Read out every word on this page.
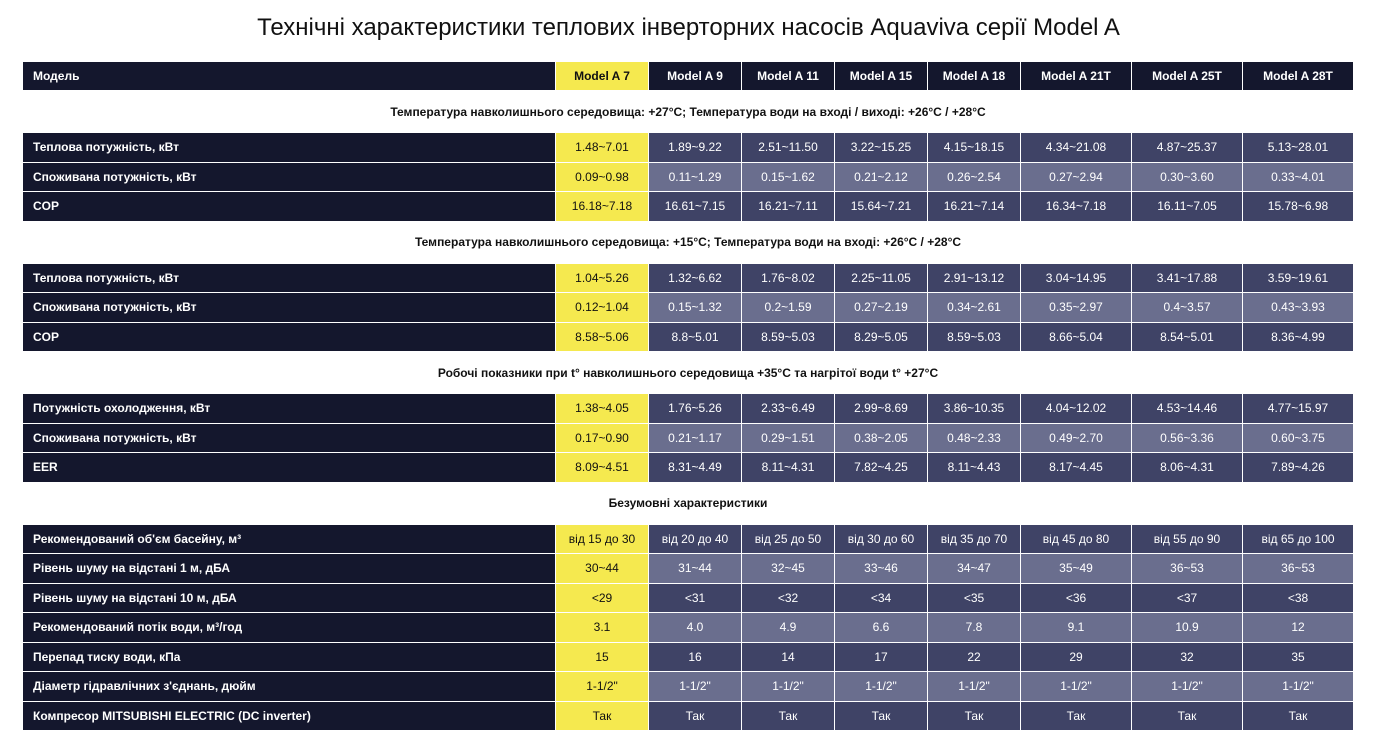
Технічні характеристики теплових інверторних насосів Aquaviva серії Model A
Модель	Model A 7	Model A 9	Model A 11	Model A 15	Model A 18	Model A 21T	Model A 25T	Model A 28T
Температура навколишнього середовища: +27°C; Температура води на вході / виході: +26°C / +28°C								
Теплова потужність, кВт	1.48~7.01	1.89~9.22	2.51~11.50	3.22~15.25	4.15~18.15	4.34~21.08	4.87~25.37	5.13~28.01
Споживана потужність, кВт	0.09~0.98	0.11~1.29	0.15~1.62	0.21~2.12	0.26~2.54	0.27~2.94	0.30~3.60	0.33~4.01
COP	16.18~7.18	16.61~7.15	16.21~7.11	15.64~7.21	16.21~7.14	16.34~7.18	16.11~7.05	15.78~6.98
Температура навколишнього середовища: +15°C; Температура води на вході: +26°C / +28°C								
Теплова потужність, кВт	1.04~5.26	1.32~6.62	1.76~8.02	2.25~11.05	2.91~13.12	3.04~14.95	3.41~17.88	3.59~19.61
Споживана потужність, кВт	0.12~1.04	0.15~1.32	0.2~1.59	0.27~2.19	0.34~2.61	0.35~2.97	0.4~3.57	0.43~3.93
COP	8.58~5.06	8.8~5.01	8.59~5.03	8.29~5.05	8.59~5.03	8.66~5.04	8.54~5.01	8.36~4.99
Робочі показники при t° навколишнього середовища +35°C та нагрітої води t° +27°C								
Потужність охолодження, кВт	1.38~4.05	1.76~5.26	2.33~6.49	2.99~8.69	3.86~10.35	4.04~12.02	4.53~14.46	4.77~15.97
Споживана потужність, кВт	0.17~0.90	0.21~1.17	0.29~1.51	0.38~2.05	0.48~2.33	0.49~2.70	0.56~3.36	0.60~3.75
EER	8.09~4.51	8.31~4.49	8.11~4.31	7.82~4.25	8.11~4.43	8.17~4.45	8.06~4.31	7.89~4.26
Безумовні характеристики								
Рекомендований об'єм басейну, м³	від 15 до 30	від 20 до 40	від 25 до 50	від 30 до 60	від 35 до 70	від 45 до 80	від 55 до 90	від 65 до 100
Рівень шуму на відстані 1 м, дБА	30~44	31~44	32~45	33~46	34~47	35~49	36~53	36~53
Рівень шуму на відстані 10 м, дБА	<29	<31	<32	<34	<35	<36	<37	<38
Рекомендований потік води, м³/год	3.1	4.0	4.9	6.6	7.8	9.1	10.9	12
Перепад тиску води, кПа	15	16	14	17	22	29	32	35
Діаметр гідравлічних з'єднань, дюйм	1-1/2"	1-1/2"	1-1/2"	1-1/2"	1-1/2"	1-1/2"	1-1/2"	1-1/2"
Компресор MITSUBISHI ELECTRIC (DC inverter)	Так	Так	Так	Так	Так	Так	Так	Так
